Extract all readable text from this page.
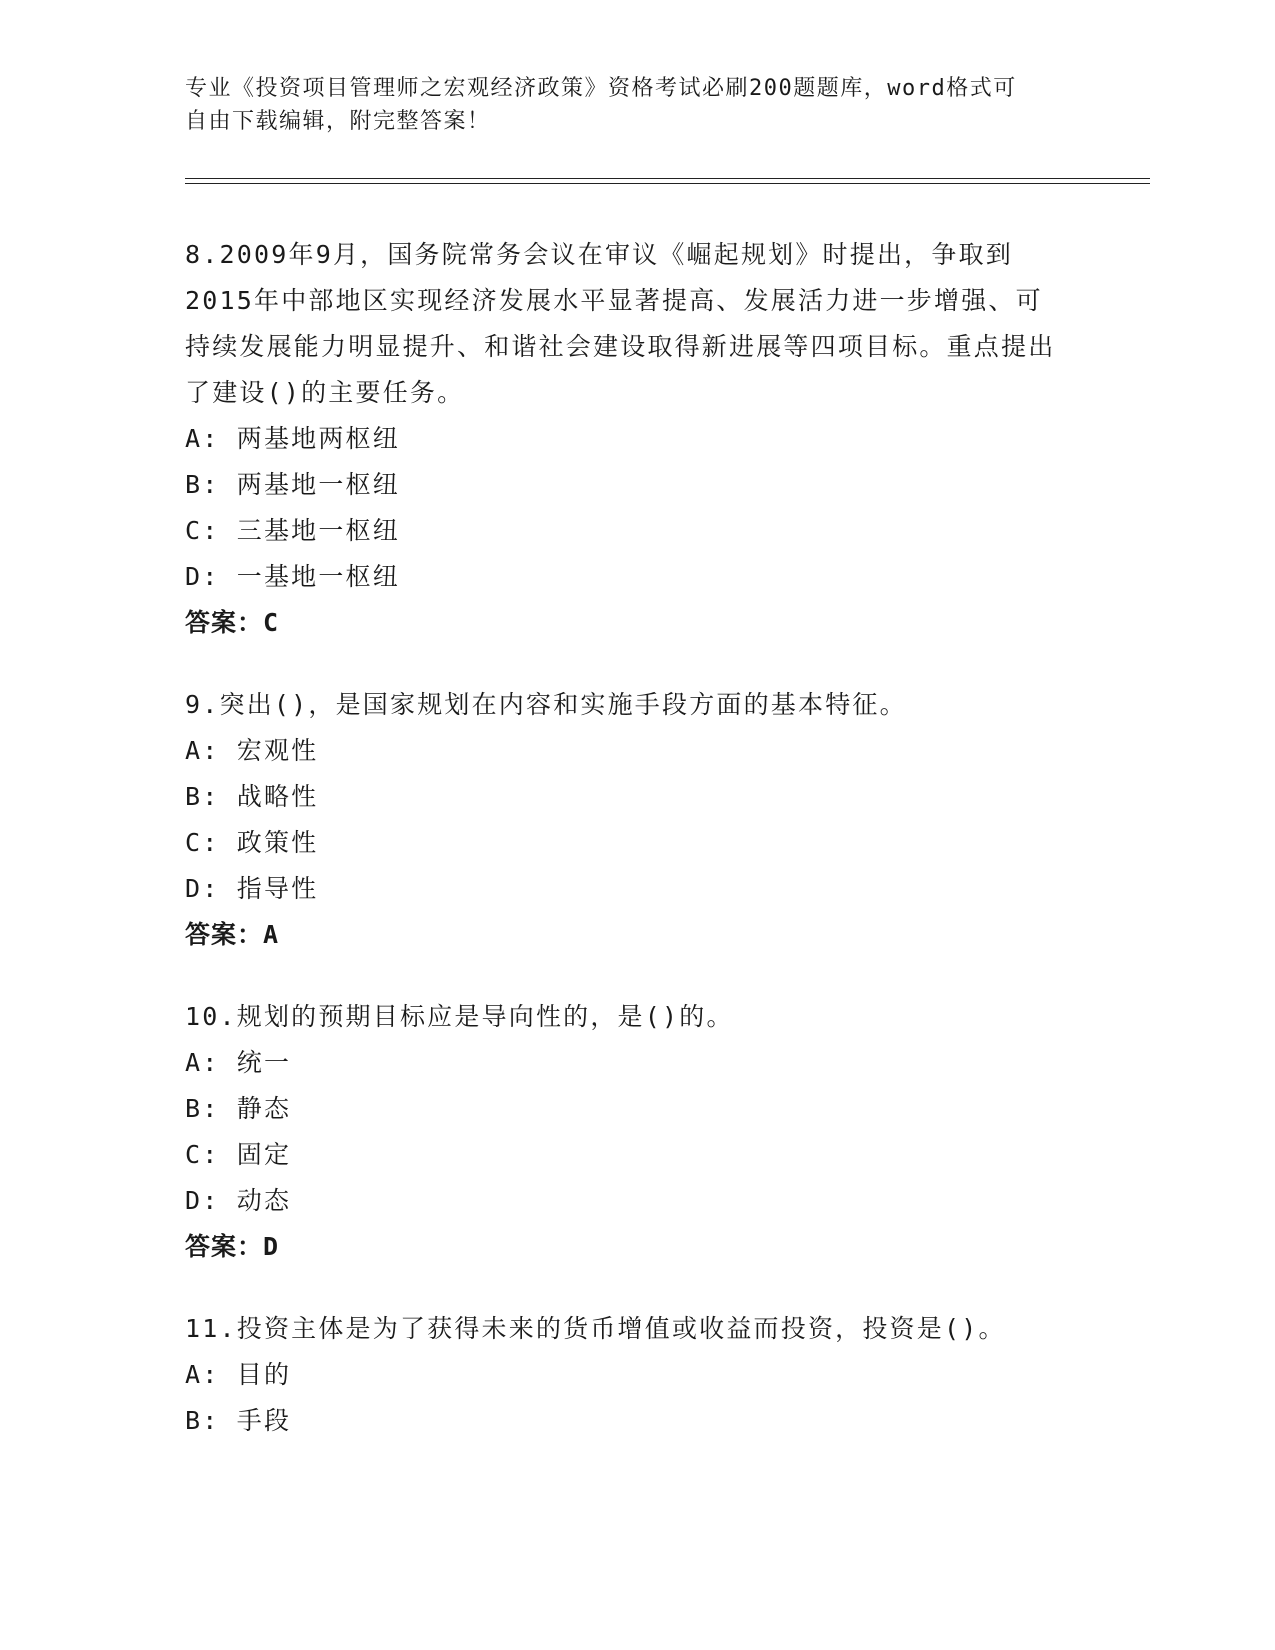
专业《投资项目管理师之宏观经济政策》资格考试必刷200题题库，word格式可
自由下载编辑，附完整答案！

8.2009年9月，国务院常务会议在审议《崛起规划》时提出，争取到2015年中部地区实现经济发展水平显著提高、发展活力进一步增强、可持续发展能力明显提升、和谐社会建设取得新进展等四项目标。重点提出了建设()的主要任务。

A: 两基地两枢纽

B: 两基地一枢纽

C: 三基地一枢纽

D: 一基地一枢纽

答案：C

9.突出()，是国家规划在内容和实施手段方面的基本特征。

A: 宏观性

B: 战略性

C: 政策性

D: 指导性

答案：A

10.规划的预期目标应是导向性的，是()的。

A: 统一

B: 静态

C: 固定

D: 动态

答案：D

11.投资主体是为了获得未来的货币增值或收益而投资，投资是()。

A: 目的

B: 手段
